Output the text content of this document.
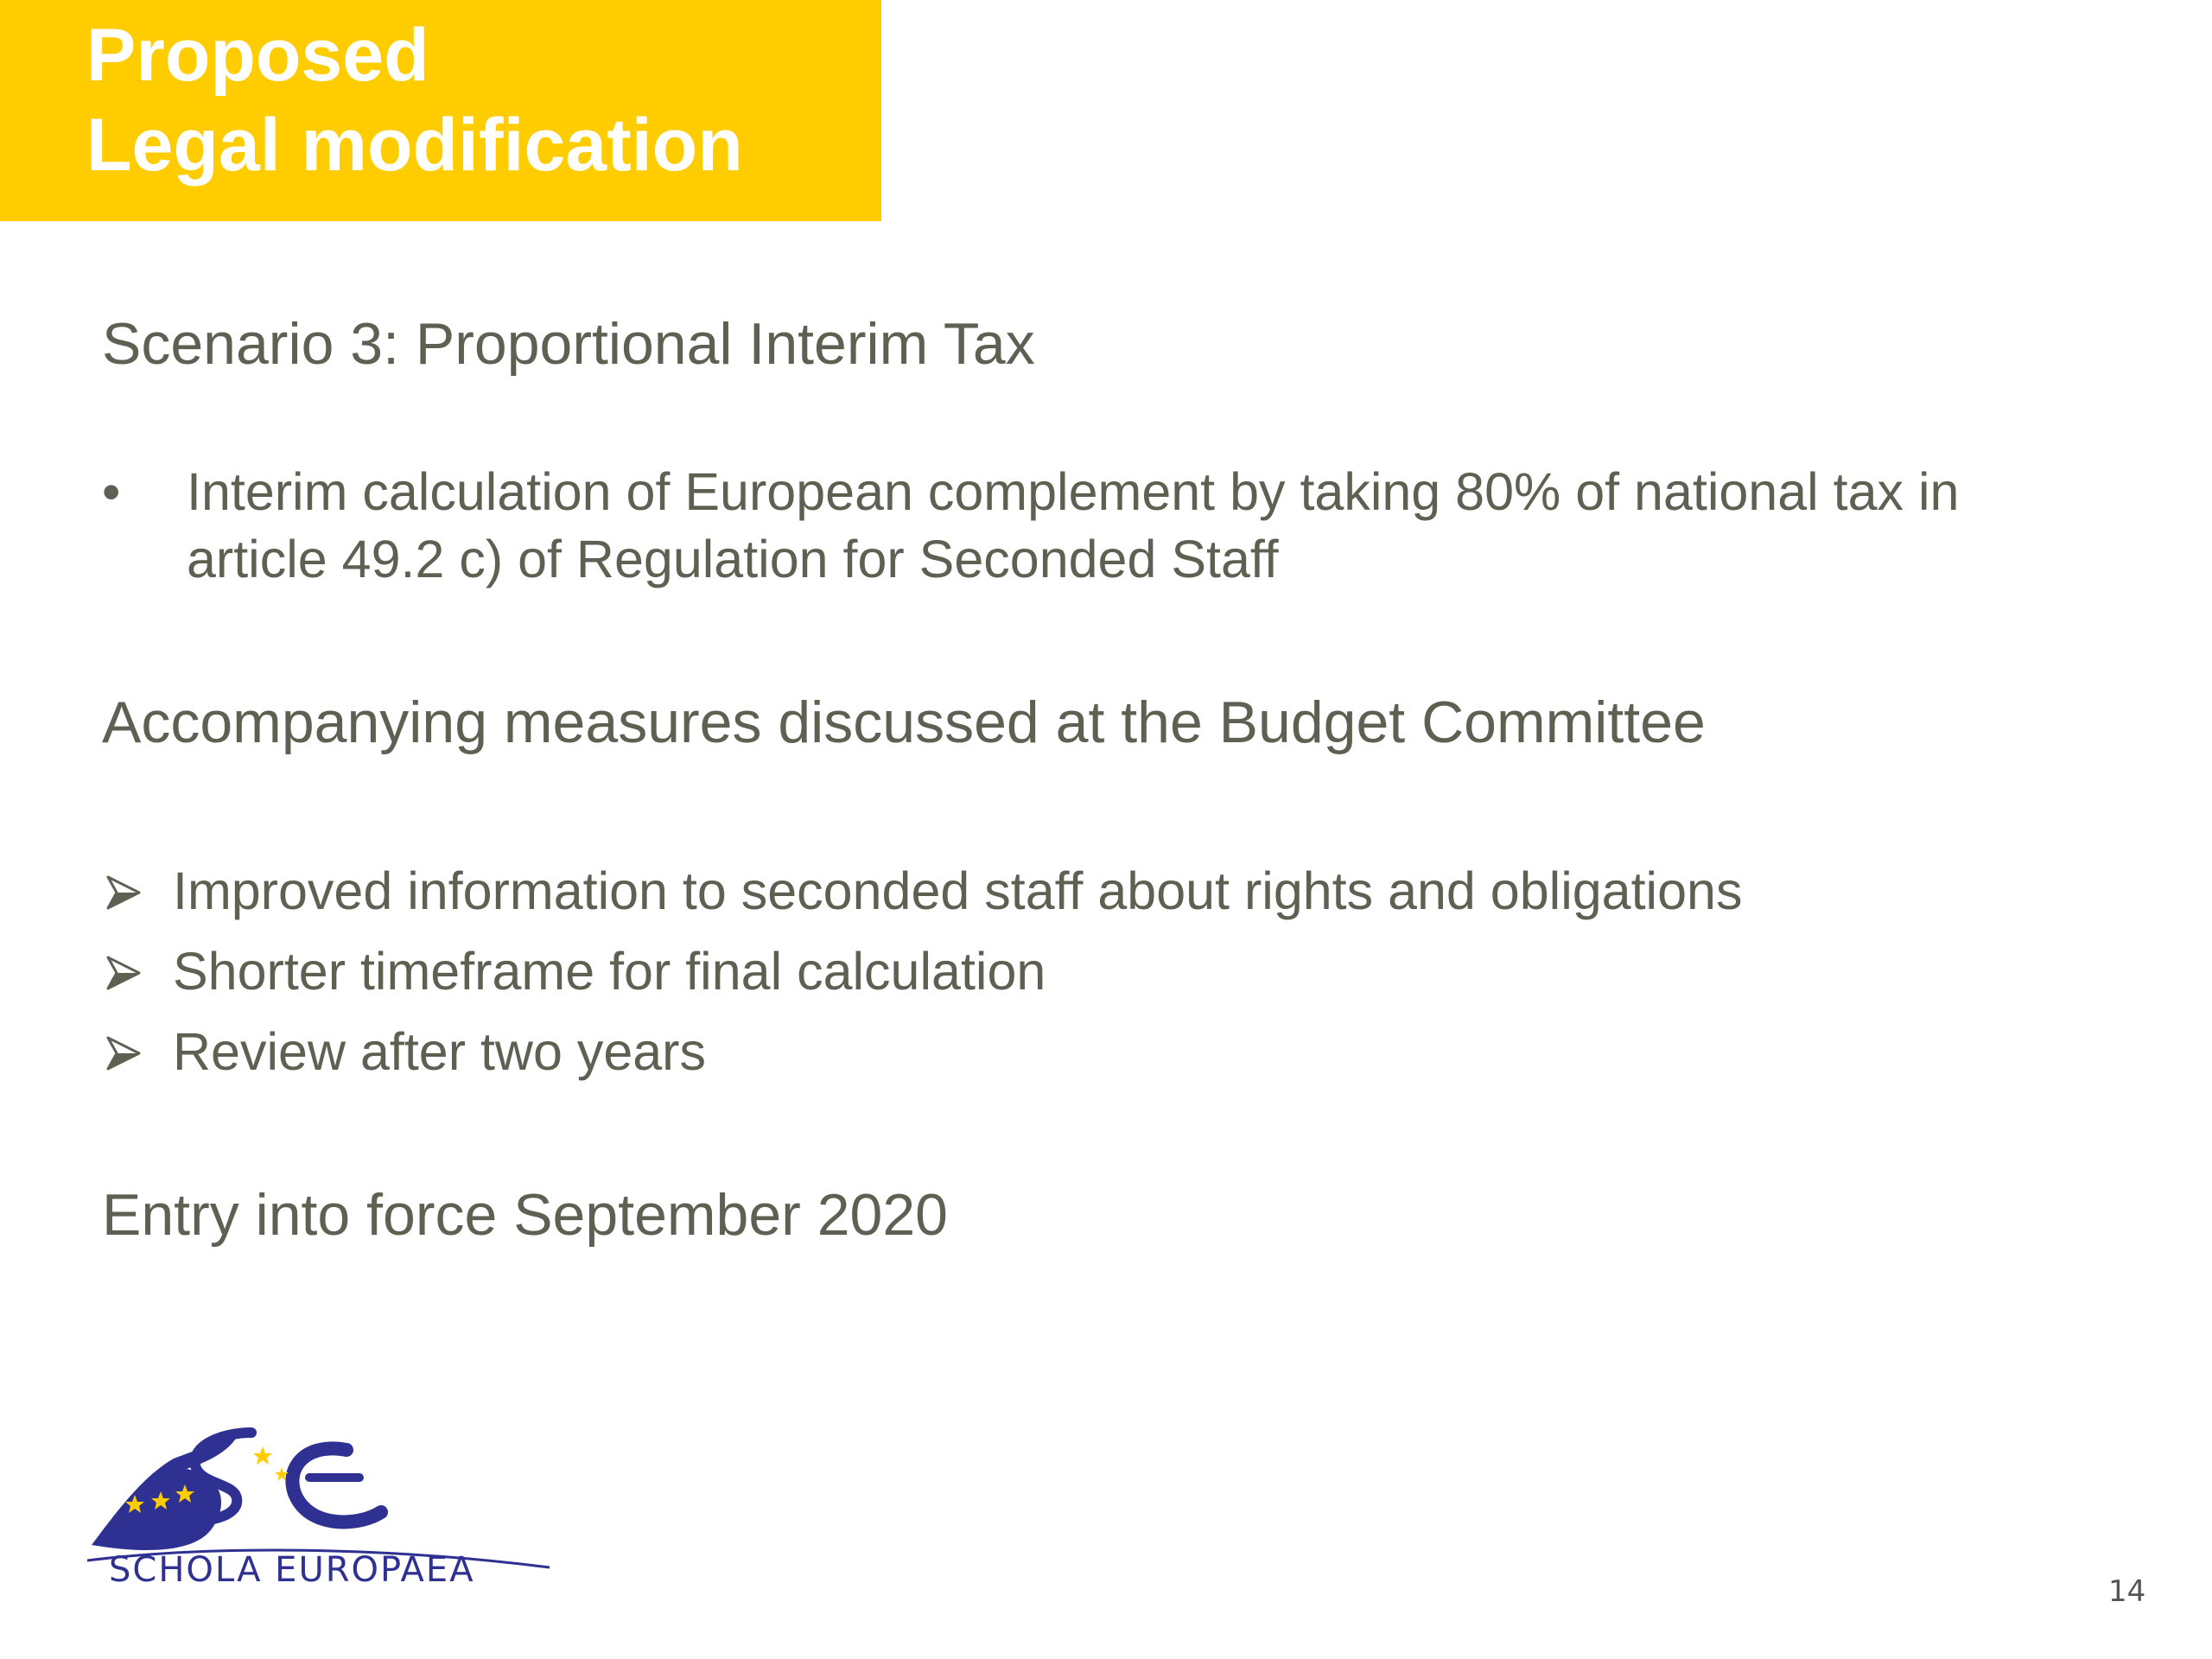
Proposed
Legal modification
Scenario 3: Proportional Interim Tax
•	Interim calculation of European complement by taking 80% of national tax in article 49.2 c) of Regulation for Seconded Staff
Accompanying measures discussed at the Budget Committee
Improved information to seconded staff about rights and obligations
Shorter timeframe for final calculation
Review after two years
Entry into force September 2020
SCHOLA EUROPAEA
14
